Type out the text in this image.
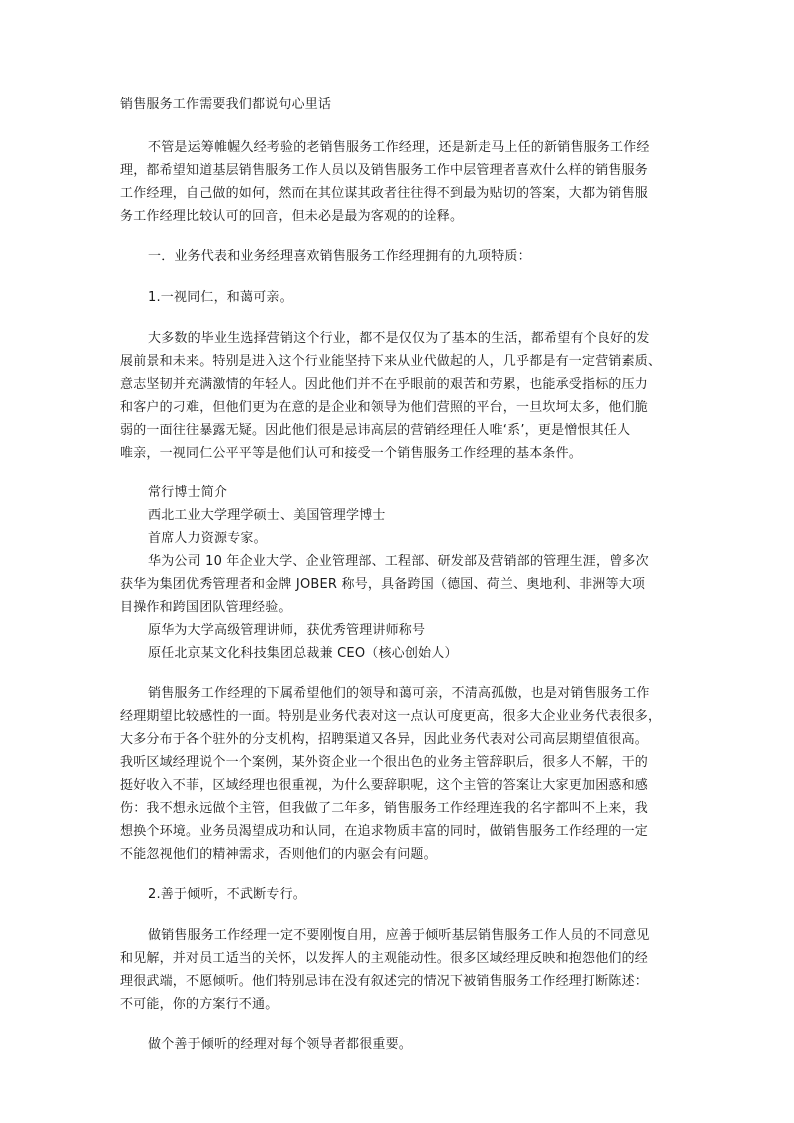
销售服务工作需要我们都说句心里话
不管是运筹帷幄久经考验的老销售服务工作经理，还是新走马上任的新销售服务工作经
理，都希望知道基层销售服务工作人员以及销售服务工作中层管理者喜欢什么样的销售服务
工作经理，自己做的如何，然而在其位谋其政者往往得不到最为贴切的答案，大都为销售服
务工作经理比较认可的回音，但未必是最为客观的的诠释。
一．业务代表和业务经理喜欢销售服务工作经理拥有的九项特质：
1.一视同仁，和蔼可亲。
大多数的毕业生选择营销这个行业，都不是仅仅为了基本的生活，都希望有个良好的发
展前景和未来。特别是进入这个行业能坚持下来从业代做起的人，几乎都是有一定营销素质、
意志坚韧并充满激情的年轻人。因此他们并不在乎眼前的艰苦和劳累，也能承受指标的压力
和客户的刁难，但他们更为在意的是企业和领导为他们营照的平台，一旦坎坷太多，他们脆
弱的一面往往暴露无疑。因此他们很是忌讳高层的营销经理任人唯‘系’，更是憎恨其任人
唯亲，一视同仁公平平等是他们认可和接受一个销售服务工作经理的基本条件。
常行博士简介
西北工业大学理学硕士、美国管理学博士
首席人力资源专家。
华为公司 10 年企业大学、企业管理部、工程部、研发部及营销部的管理生涯，曾多次
获华为集团优秀管理者和金牌 JOBER 称号，具备跨国（德国、荷兰、奥地利、非洲等大项
目操作和跨国团队管理经验。
原华为大学高级管理讲师，获优秀管理讲师称号
原任北京某文化科技集团总裁兼 CEO（核心创始人）
销售服务工作经理的下属希望他们的领导和蔼可亲，不清高孤傲，也是对销售服务工作
经理期望比较感性的一面。特别是业务代表对这一点认可度更高，很多大企业业务代表很多，
大多分布于各个驻外的分支机构，招聘渠道又各异，因此业务代表对公司高层期望值很高。
我听区域经理说个一个案例，某外资企业一个很出色的业务主管辞职后，很多人不解，干的
挺好收入不菲，区域经理也很重视，为什么要辞职呢，这个主管的答案让大家更加困惑和感
伤：我不想永远做个主管，但我做了二年多，销售服务工作经理连我的名字都叫不上来，我
想换个环境。业务员渴望成功和认同，在追求物质丰富的同时，做销售服务工作经理的一定
不能忽视他们的精神需求，否则他们的内驱会有问题。
2.善于倾听，不武断专行。
做销售服务工作经理一定不要刚愎自用，应善于倾听基层销售服务工作人员的不同意见
和见解，并对员工适当的关怀，以发挥人的主观能动性。很多区域经理反映和抱怨他们的经
理很武端，不愿倾听。他们特别忌讳在没有叙述完的情况下被销售服务工作经理打断陈述：
不可能，你的方案行不通。
做个善于倾听的经理对每个领导者都很重要。
